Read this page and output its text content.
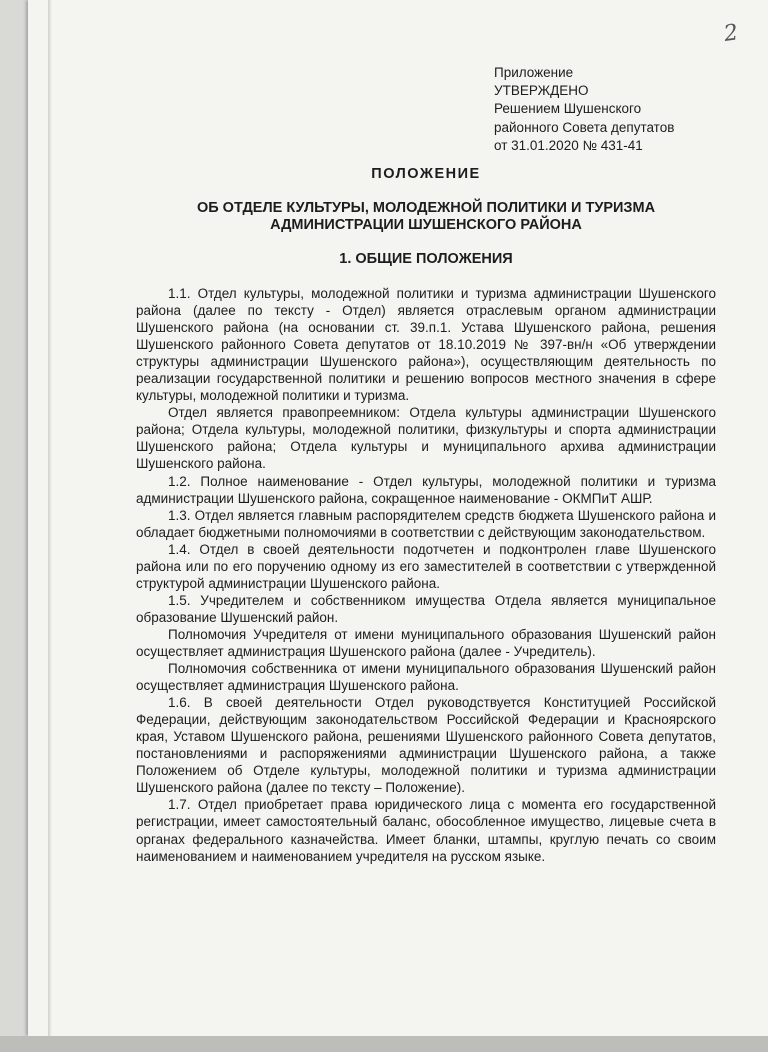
2
Приложение
УТВЕРЖДЕНО
Решением Шушенского
районного Совета депутатов
от 31.01.2020 № 431-41
ПОЛОЖЕНИЕ
ОБ ОТДЕЛЕ КУЛЬТУРЫ, МОЛОДЕЖНОЙ ПОЛИТИКИ И ТУРИЗМА
АДМИНИСТРАЦИИ ШУШЕНСКОГО РАЙОНА
1. ОБЩИЕ ПОЛОЖЕНИЯ

1.1. Отдел культуры, молодежной политики и туризма администрации Шушенского района (далее по тексту - Отдел) является отраслевым органом администрации Шушенского района (на основании ст. 39.п.1. Устава Шушенского района, решения Шушенского районного Совета депутатов от 18.10.2019 № 397-вн/н «Об утверждении структуры администрации Шушенского района»), осуществляющим деятельность по реализации государственной политики и решению вопросов местного значения в сфере культуры, молодежной политики и туризма.

Отдел является правопреемником: Отдела культуры администрации Шушенского района; Отдела культуры, молодежной политики, физкультуры и спорта администрации Шушенского района; Отдела культуры и муниципального архива администрации Шушенского района.

1.2. Полное наименование - Отдел культуры, молодежной политики и туризма администрации Шушенского района, сокращенное наименование - ОКМПиТ АШР.

1.3. Отдел является главным распорядителем средств бюджета Шушенского района и обладает бюджетными полномочиями в соответствии с действующим законодательством.

1.4. Отдел в своей деятельности подотчетен и подконтролен главе Шушенского района или по его поручению одному из его заместителей в соответствии с утвержденной структурой администрации Шушенского района.

1.5. Учредителем и собственником имущества Отдела является муниципальное образование Шушенский район.

Полномочия Учредителя от имени муниципального образования Шушенский район осуществляет администрация Шушенского района (далее - Учредитель).

Полномочия собственника от имени муниципального образования Шушенский район осуществляет администрация Шушенского района.

1.6. В своей деятельности Отдел руководствуется Конституцией Российской Федерации, действующим законодательством Российской Федерации и Красноярского края, Уставом Шушенского района, решениями Шушенского районного Совета депутатов, постановлениями и распоряжениями администрации Шушенского района, а также Положением об Отделе культуры, молодежной политики и туризма администрации Шушенского района (далее по тексту – Положение).

1.7. Отдел приобретает права юридического лица с момента его государственной регистрации, имеет самостоятельный баланс, обособленное имущество, лицевые счета в органах федерального казначейства. Имеет бланки, штампы, круглую печать со своим наименованием и наименованием учредителя на русском языке.
